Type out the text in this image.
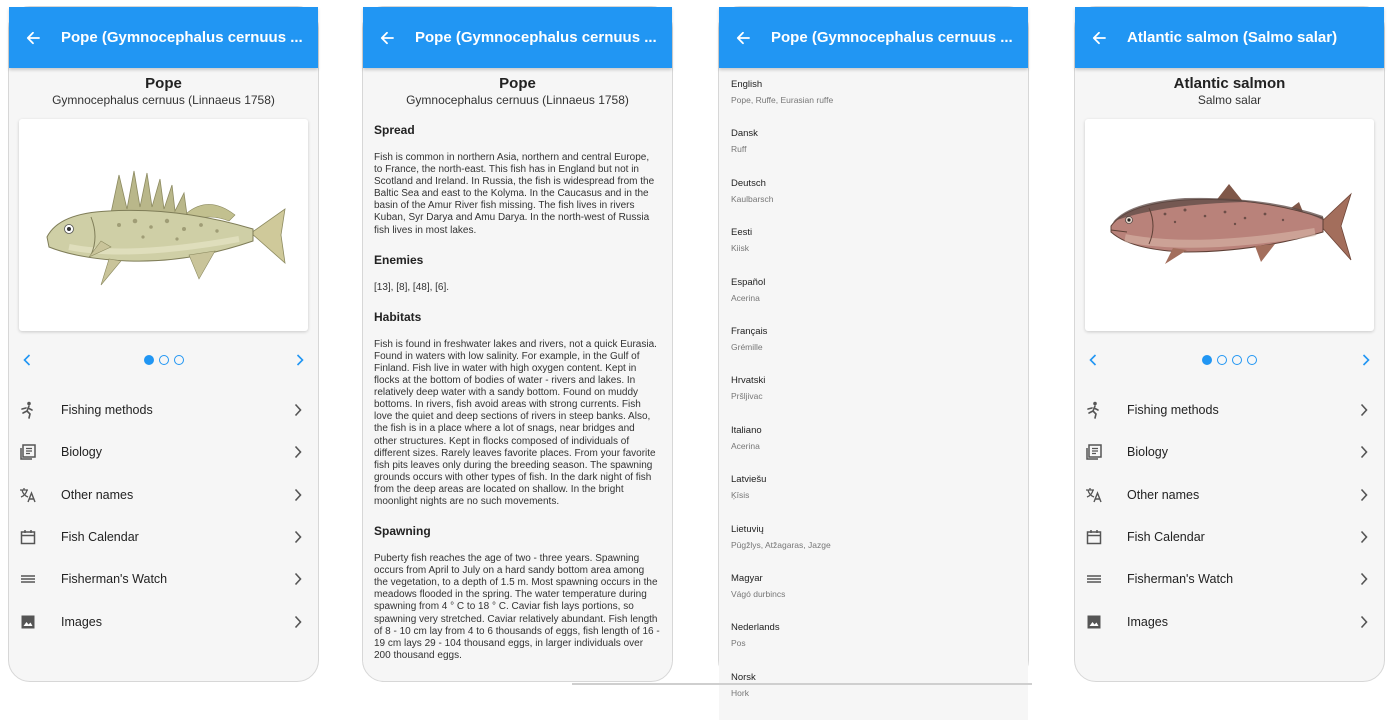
Pope (Gymnocephalus cernuus ...
Pope
Gymnocephalus cernuus (Linnaeus 1758)
Fishing methods
Biology
Other names
Fish Calendar
Fisherman's Watch
Images
Pope (Gymnocephalus cernuus ...
Pope
Gymnocephalus cernuus (Linnaeus 1758)
Spread

Fish is common in northern Asia, northern and central Europe, to France, the north-east. This fish has in England but not in Scotland and Ireland. In Russia, the fish is widespread from the Baltic Sea and east to the Kolyma. In the Caucasus and in the basin of the Amur River fish missing. The fish lives in rivers Kuban, Syr Darya and Amu Darya. In the north-west of Russia fish lives in most lakes.

Enemies

[13], [8], [48], [6].

Habitats

Fish is found in freshwater lakes and rivers, not a quick Eurasia. Found in waters with low salinity. For example, in the Gulf of Finland. Fish live in water with high oxygen content. Kept in flocks at the bottom of bodies of water - rivers and lakes. In relatively deep water with a sandy bottom. Found on muddy bottoms. In rivers, fish avoid areas with strong currents. Fish love the quiet and deep sections of rivers in steep banks. Also, the fish is in a place where a lot of snags, near bridges and other structures. Kept in flocks composed of individuals of different sizes. Rarely leaves favorite places. From your favorite fish pits leaves only during the breeding season. The spawning grounds occurs with other types of fish. In the dark night of fish from the deep areas are located on shallow. In the bright moonlight nights are no such movements.

Spawning

Puberty fish reaches the age of two - three years. Spawning occurs from April to July on a hard sandy bottom area among the vegetation, to a depth of 1.5 m. Most spawning occurs in the meadows flooded in the spring. The water temperature during spawning from 4 ° C to 18 ° C. Caviar fish lays portions, so spawning very stretched. Caviar relatively abundant. Fish length of 8 - 10 cm lay from 4 to 6 thousands of eggs, fish length of 16 - 19 cm lays 29 - 104 thousand eggs, in larger individuals over 200 thousand eggs.

Pope (Gymnocephalus cernuus ...
English
Pope, Ruffe, Eurasian ruffe
Dansk
Ruff
Deutsch
Kaulbarsch
Eesti
Kiisk
Español
Acerina
Français
Grémille
Hrvatski
Pršljivac
Italiano
Acerina
Latviešu
Ķīsis
Lietuvių
Pūgžlys, Atžagaras, Jazge
Magyar
Vágó durbincs
Nederlands
Pos
Norsk
Hork
Atlantic salmon (Salmo salar)
Atlantic salmon
Salmo salar
Fishing methods
Biology
Other names
Fish Calendar
Fisherman's Watch
Images
